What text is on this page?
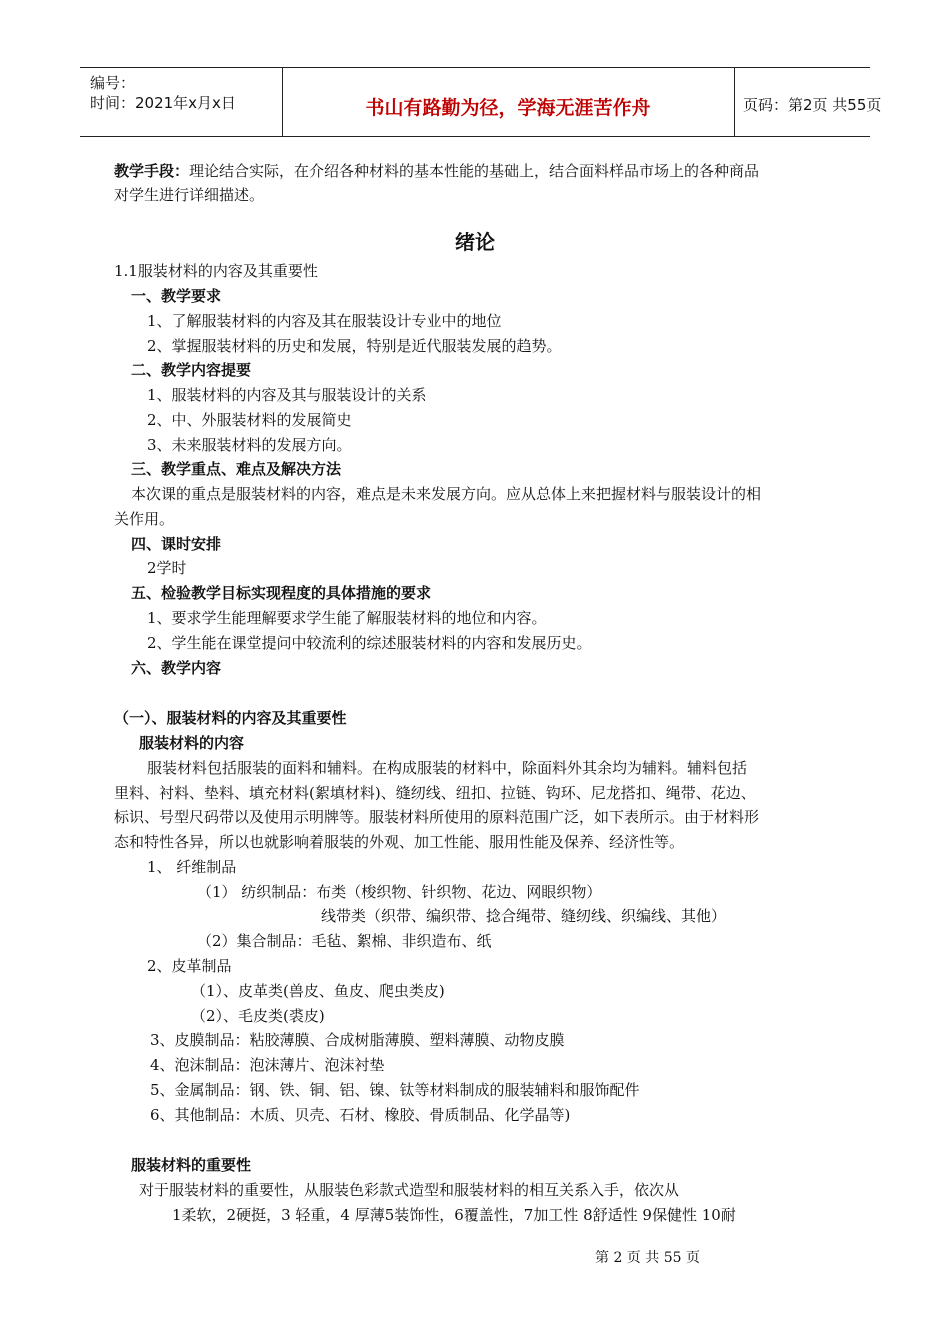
编号：
时间：2021年x月x日	书山有路勤为径，学海无涯苦作舟	页码：第2页 共55页
教学手段：理论结合实际，在介绍各种材料的基本性能的基础上，结合面料样品市场上的各种商品
对学生进行详细描述。
绪论
1.1服装材料的内容及其重要性
一、教学要求
1、了解服装材料的内容及其在服装设计专业中的地位
2、掌握服装材料的历史和发展，特别是近代服装发展的趋势。
二、教学内容提要
1、服装材料的内容及其与服装设计的关系
2、中、外服装材料的发展简史
3、未来服装材料的发展方向。
三、教学重点、难点及解决方法
本次课的重点是服装材料的内容，难点是未来发展方向。应从总体上来把握材料与服装设计的相
关作用。
四、课时安排
2学时
五、检验教学目标实现程度的具体措施的要求
1、要求学生能理解要求学生能了解服装材料的地位和内容。
2、学生能在课堂提问中较流利的综述服装材料的内容和发展历史。
六、教学内容
（一）、服装材料的内容及其重要性
服装材料的内容
服装材料包括服装的面料和辅料。在构成服装的材料中，除面料外其余均为辅料。辅料包括
里料、衬料、垫料、填充材料(絮填材料)、缝纫线、纽扣、拉链、钩环、尼龙搭扣、绳带、花边、
标识、号型尺码带以及使用示明牌等。服装材料所使用的原料范围广泛，如下表所示。由于材料形
态和特性各异，所以也就影响着服装的外观、加工性能、服用性能及保养、经济性等。
1、 纤维制品
（1） 纺织制品：布类（梭织物、针织物、花边、网眼织物）
线带类（织带、编织带、捻合绳带、缝纫线、织编线、其他）
（2）集合制品：毛毡、絮棉、非织造布、纸
2、皮革制品
（1）、皮革类(兽皮、鱼皮、爬虫类皮)
（2）、毛皮类(裘皮)
3、皮膜制品：粘胶薄膜、合成树脂薄膜、塑料薄膜、动物皮膜
4、泡沫制品：泡沫薄片、泡沫衬垫
5、金属制品：钢、铁、铜、铝、镍、钛等材料制成的服装辅料和服饰配件
6、其他制品：木质、贝壳、石材、橡胶、骨质制品、化学晶等)
服装材料的重要性
对于服装材料的重要性，从服装色彩款式造型和服装材料的相互关系入手，依次从
1柔软，2硬挺，3 轻重，4 厚薄5装饰性，6覆盖性，7加工性 8舒适性 9保健性 10耐
第 2 页 共 55 页
